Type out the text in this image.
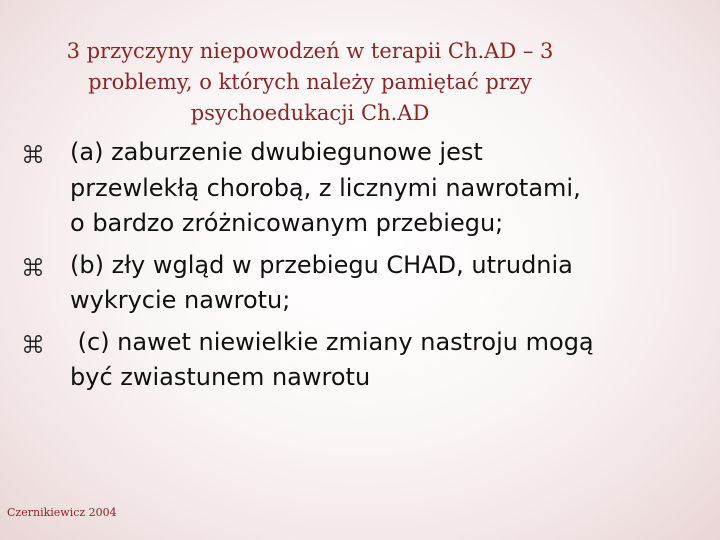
3 przyczyny niepowodzeń w terapii Ch.AD – 3
problemy, o których należy pamiętać przy
psychoedukacji Ch.AD
(a) zaburzenie dwubiegunowe jest
przewlekłą chorobą, z licznymi nawrotami,
o bardzo zróżnicowanym przebiegu;
(b) zły wgląd w przebiegu CHAD, utrudnia
wykrycie nawrotu;
(c) nawet niewielkie zmiany nastroju mogą
być zwiastunem nawrotu
Czernikiewicz 2004
